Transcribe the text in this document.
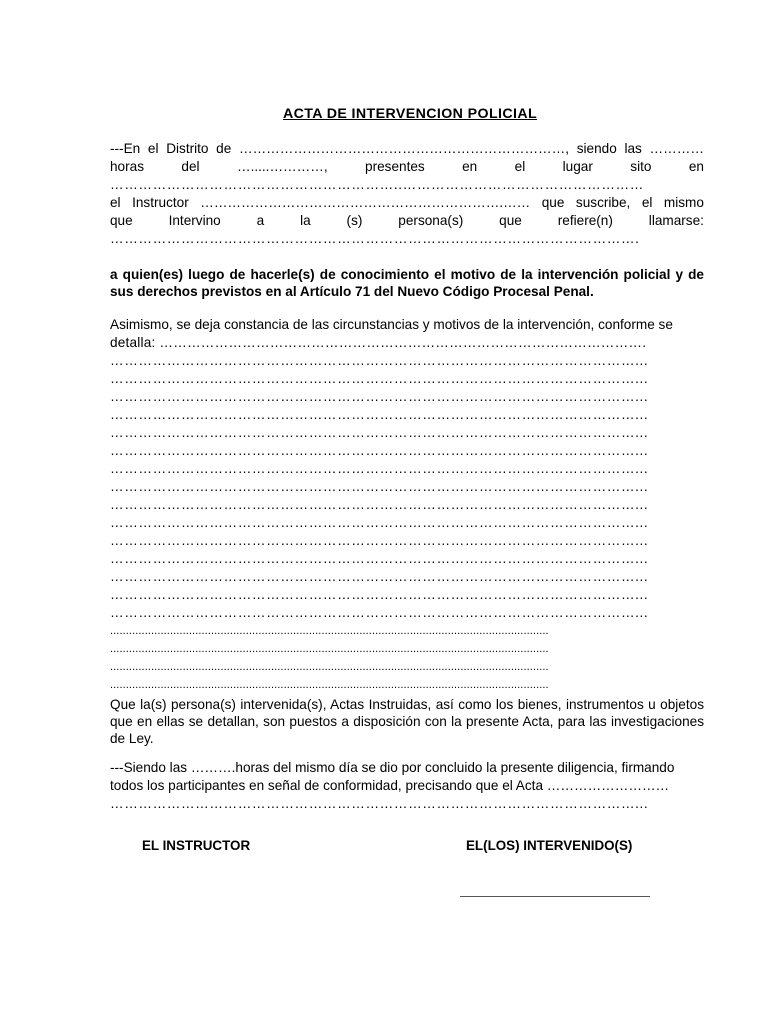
ACTA DE INTERVENCION POLICIAL
---En el Distrito de ………………………………………………………………, siendo las …………
horas	del	….....…………,	presentes	en	el	lugar	sito	en
……………………………………………………..……………………………………………
el Instructor ………………………………………………………….…… que suscribe, el mismo
que	Intervino	a	la	(s)	persona(s)	que	refiere(n)	llamarse:
………………………………………………………………………………………………….
a quien(es) luego de hacerle(s) de conocimiento el motivo de la intervención policial y de sus derechos previstos en al Artículo 71 del Nuevo Código Procesal Penal.
Asimismo, se deja constancia de las circunstancias y motivos de la intervención, conforme se
detalla: …………………………………………………………………………………………….
…………………………………………………………………………………………………...
…………………………………………………………………………………………………...
…………………………………………………………………………………………………...
…………………………………………………………………………………………………...
…………………………………………………………………………………………………...
…………………………………………………………………………………………………...
…………………………………………………………………………………………………...
…………………………………………………………………………………………………...
…………………………………………………………………………………………………...
…………………………………………………………………………………………………...
…………………………………………………………………………………………………...
…………………………………………………………………………………………………...
…………………………………………………………………………………………………...
…………………………………………………………………………………………………...
…………………………………………………………………………………………………...
...........................................................................................................................................
...........................................................................................................................................
...........................................................................................................................................
...........................................................................................................................................
Que la(s) persona(s) intervenida(s), Actas Instruidas, así como los bienes, instrumentos u objetos que en ellas se detallan, son puestos a disposición con la presente Acta, para las investigaciones de Ley.
---Siendo las ……….horas del mismo día se dio por concluido la presente diligencia, firmando
todos los participantes en señal de conformidad, precisando que el Acta ………………………
…………………………………………………………………………………………………...
EL INSTRUCTOR	EL(LOS) INTERVENIDO(S)
